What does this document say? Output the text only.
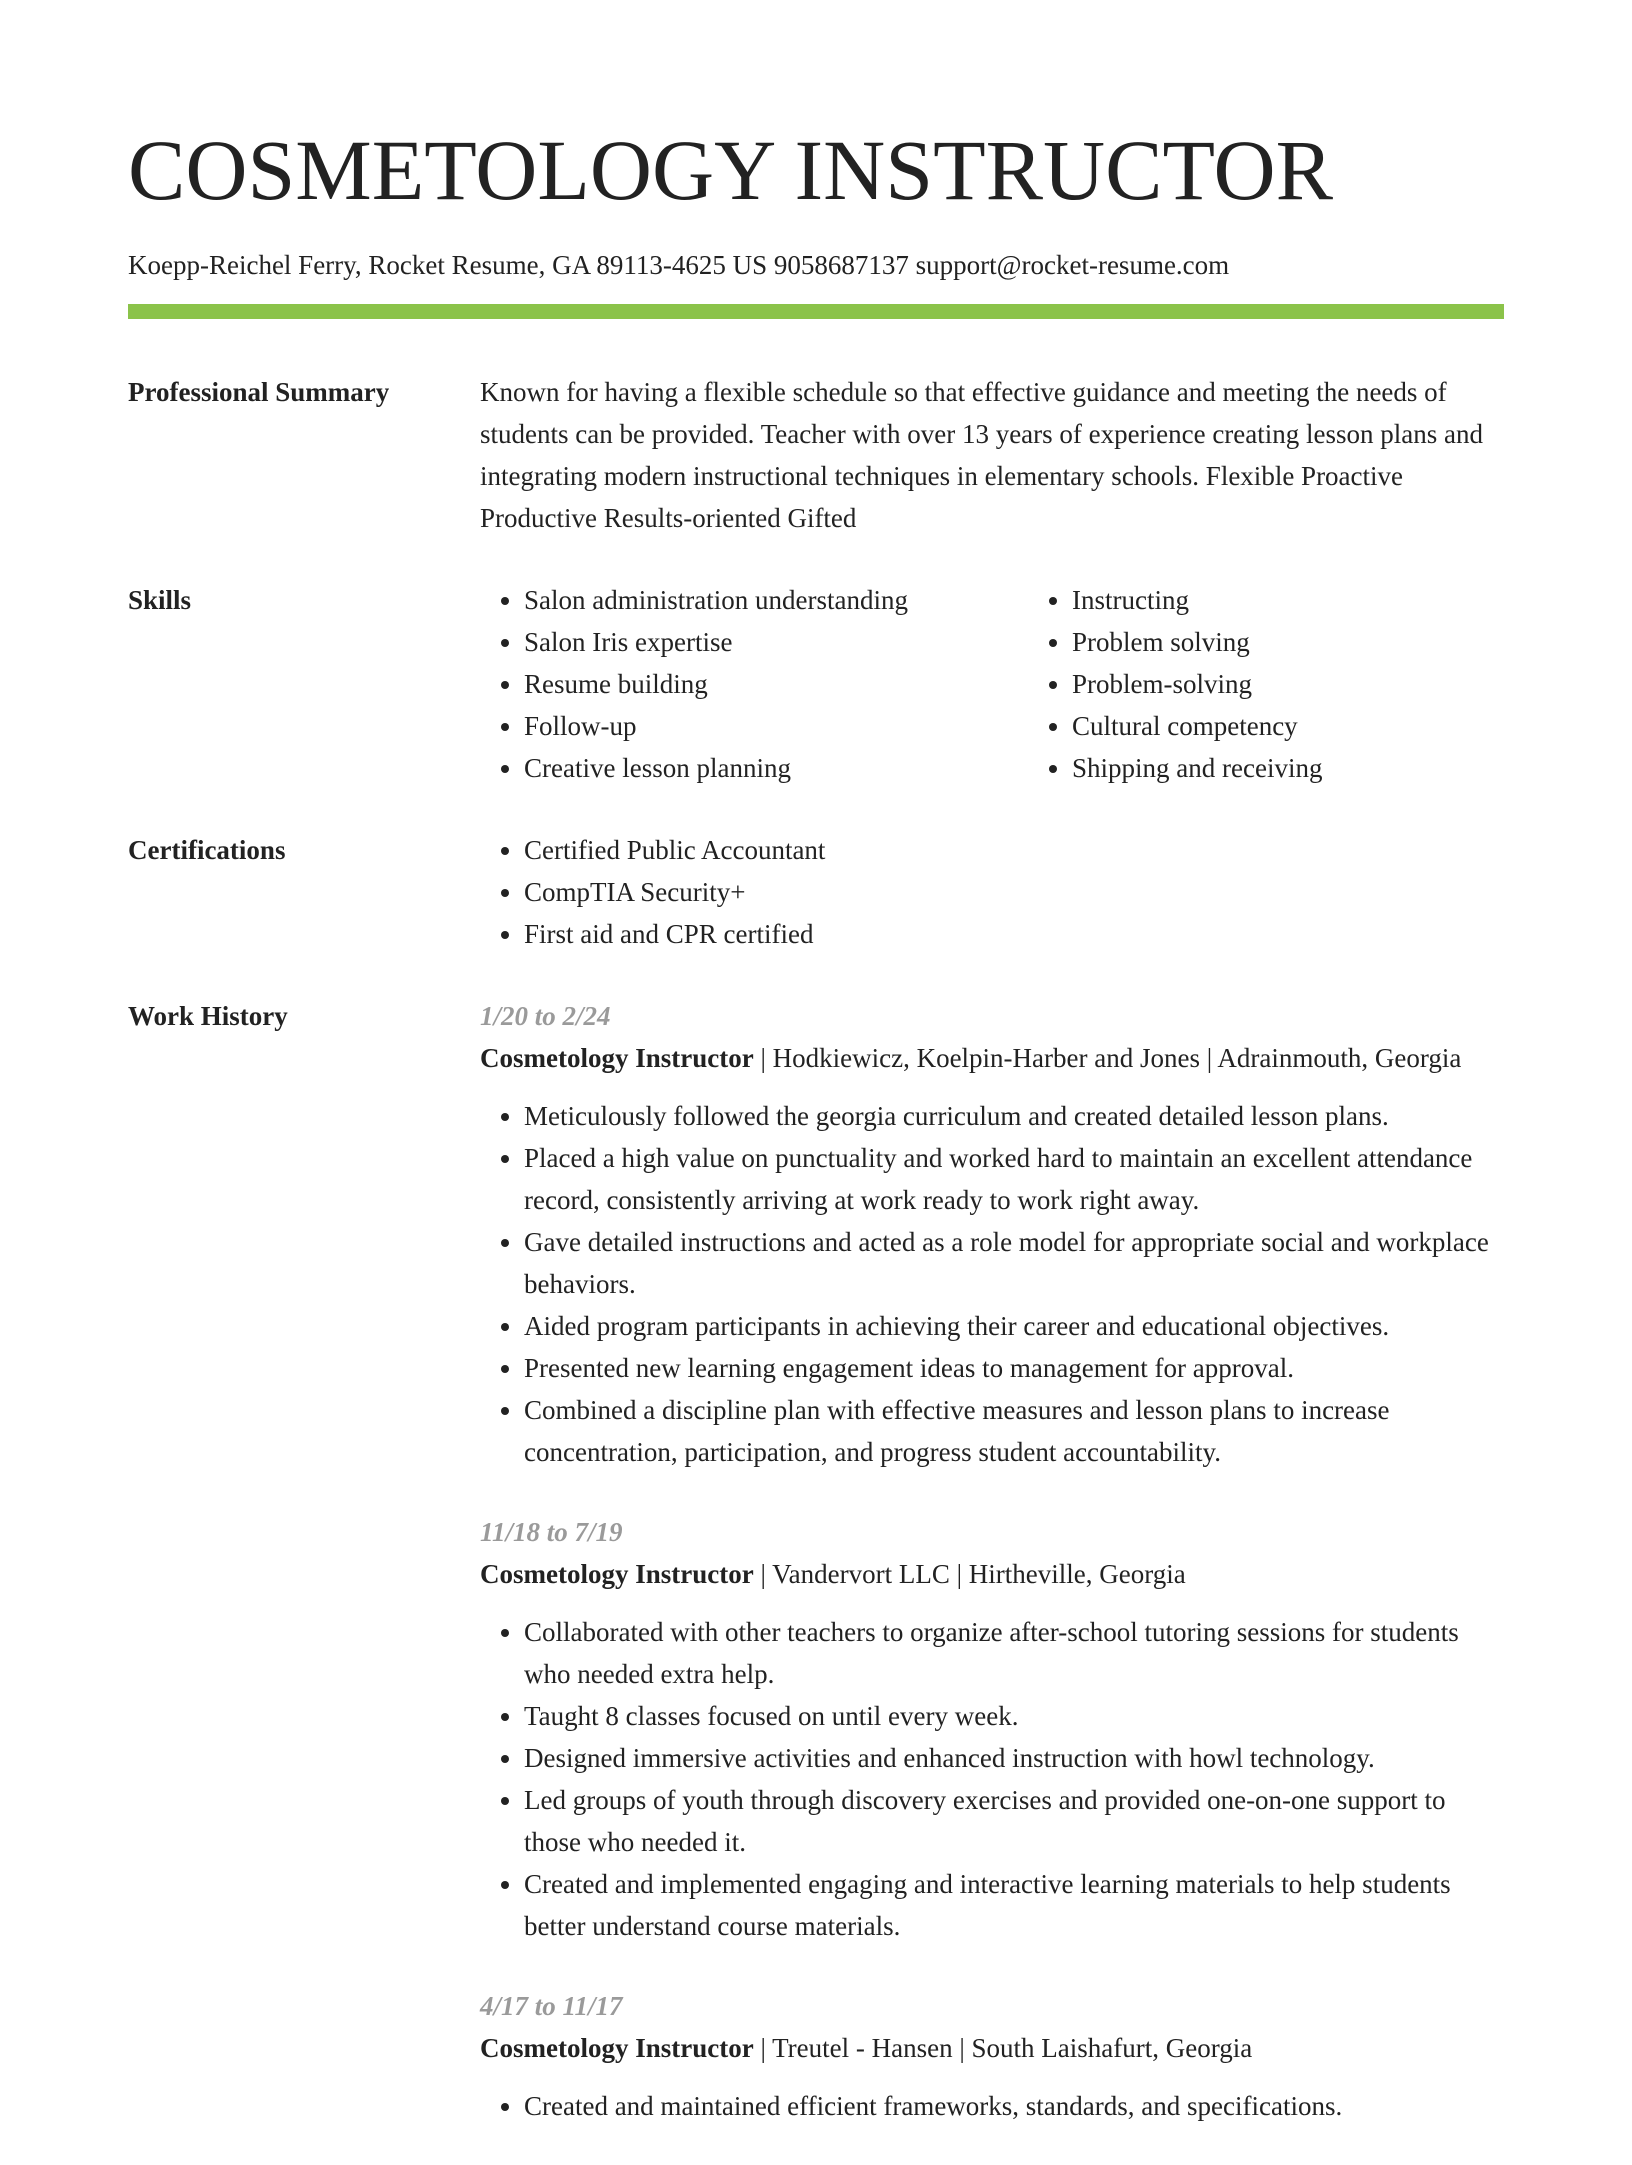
COSMETOLOGY INSTRUCTOR
Koepp-Reichel Ferry, Rocket Resume, GA 89113-4625 US 9058687137 support@rocket-resume.com
Professional Summary	Known for having a flexible schedule so that effective guidance and meeting the needs of students can be provided. Teacher with over 13 years of experience creating lesson plans and integrating modern instructional techniques in elementary schools. Flexible Proactive Productive Results-oriented Gifted

Skills	• Salon administration understanding
• Salon Iris expertise
• Resume building
• Follow-up
• Creative lesson planning
• Instructing
• Problem solving
• Problem-solving
• Cultural competency
• Shipping and receiving
Certifications	• Certified Public Accountant
• CompTIA Security+
• First aid and CPR certified
Work History	1/20 to 2/24
Cosmetology Instructor | Hodkiewicz, Koelpin-Harber and Jones | Adrainmouth, Georgia
• Meticulously followed the georgia curriculum and created detailed lesson plans.
• Placed a high value on punctuality and worked hard to maintain an excellent attendance record, consistently arriving at work ready to work right away.
• Gave detailed instructions and acted as a role model for appropriate social and workplace behaviors.
• Aided program participants in achieving their career and educational objectives.
• Presented new learning engagement ideas to management for approval.
• Combined a discipline plan with effective measures and lesson plans to increase concentration, participation, and progress student accountability.
11/18 to 7/19
Cosmetology Instructor | Vandervort LLC | Hirtheville, Georgia
• Collaborated with other teachers to organize after-school tutoring sessions for students who needed extra help.
• Taught 8 classes focused on until every week.
• Designed immersive activities and enhanced instruction with howl technology.
• Led groups of youth through discovery exercises and provided one-on-one support to those who needed it.
• Created and implemented engaging and interactive learning materials to help students better understand course materials.
4/17 to 11/17
Cosmetology Instructor | Treutel - Hansen | South Laishafurt, Georgia
• Created and maintained efficient frameworks, standards, and specifications.
